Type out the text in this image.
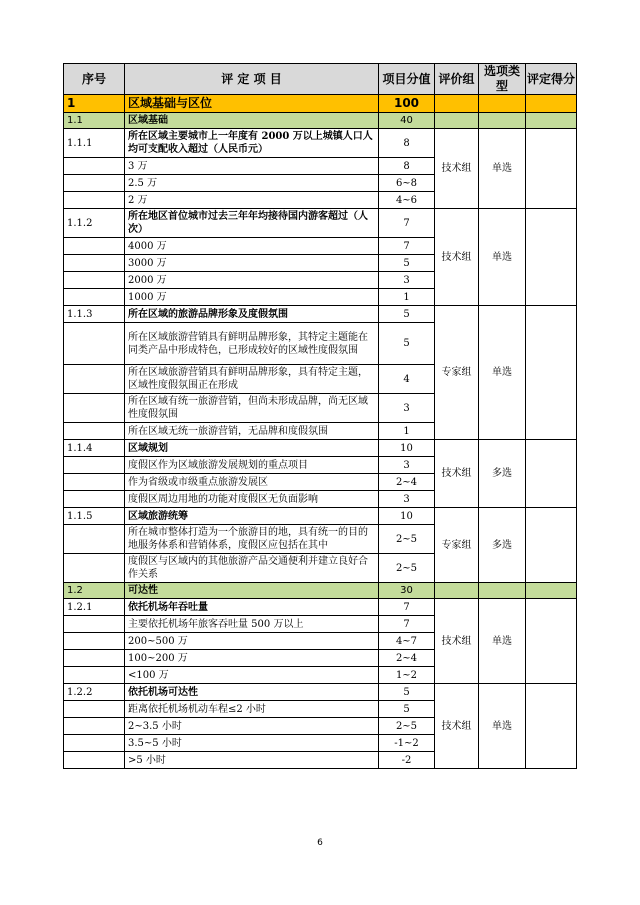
序号	评 定 项 目	项目分值	评价组	选项类型	评定得分
1	区域基础与区位	100			
1.1	区域基础	40			
1.1.1	所在区域主要城市上一年度有 2000 万以上城镇人口人均可支配收入超过（人民币元）	8	技术组	单选	
	3 万	8			
	2.5 万	6~8			
	2 万	4~6			
1.1.2	所在地区首位城市过去三年年均接待国内游客超过（人次）	7	技术组	单选	
	4000 万	7			
	3000 万	5			
	2000 万	3			
	1000 万	1			
1.1.3	所在区域的旅游品牌形象及度假氛围	5	专家组	单选	
	所在区域旅游营销具有鲜明品牌形象，其特定主题能在同类产品中形成特色，已形成较好的区域性度假氛围	5			
	所在区域旅游营销具有鲜明品牌形象，具有特定主题，区域性度假氛围正在形成	4			
	所在区域有统一旅游营销，但尚未形成品牌，尚无区域性度假氛围	3			
	所在区域无统一旅游营销，无品牌和度假氛围	1			
1.1.4	区域规划	10	技术组	多选	
	度假区作为区域旅游发展规划的重点项目	3			
	作为省级或市级重点旅游发展区	2~4			
	度假区周边用地的功能对度假区无负面影响	3			
1.1.5	区域旅游统筹	10	专家组	多选	
	所在城市整体打造为一个旅游目的地，具有统一的目的地服务体系和营销体系，度假区应包括在其中	2~5			
	度假区与区域内的其他旅游产品交通便利并建立良好合作关系	2~5			
1.2	可达性	30			
1.2.1	依托机场年吞吐量	7	技术组	单选	
	主要依托机场年旅客吞吐量 500 万以上	7			
	200~500 万	4~7			
	100~200 万	2~4			
	<100 万	1~2			
1.2.2	依托机场可达性	5	技术组	单选	
	距离依托机场机动车程≤2 小时	5			
	2~3.5 小时	2~5			
	3.5~5 小时	-1~2			
	>5 小时	-2			
6
